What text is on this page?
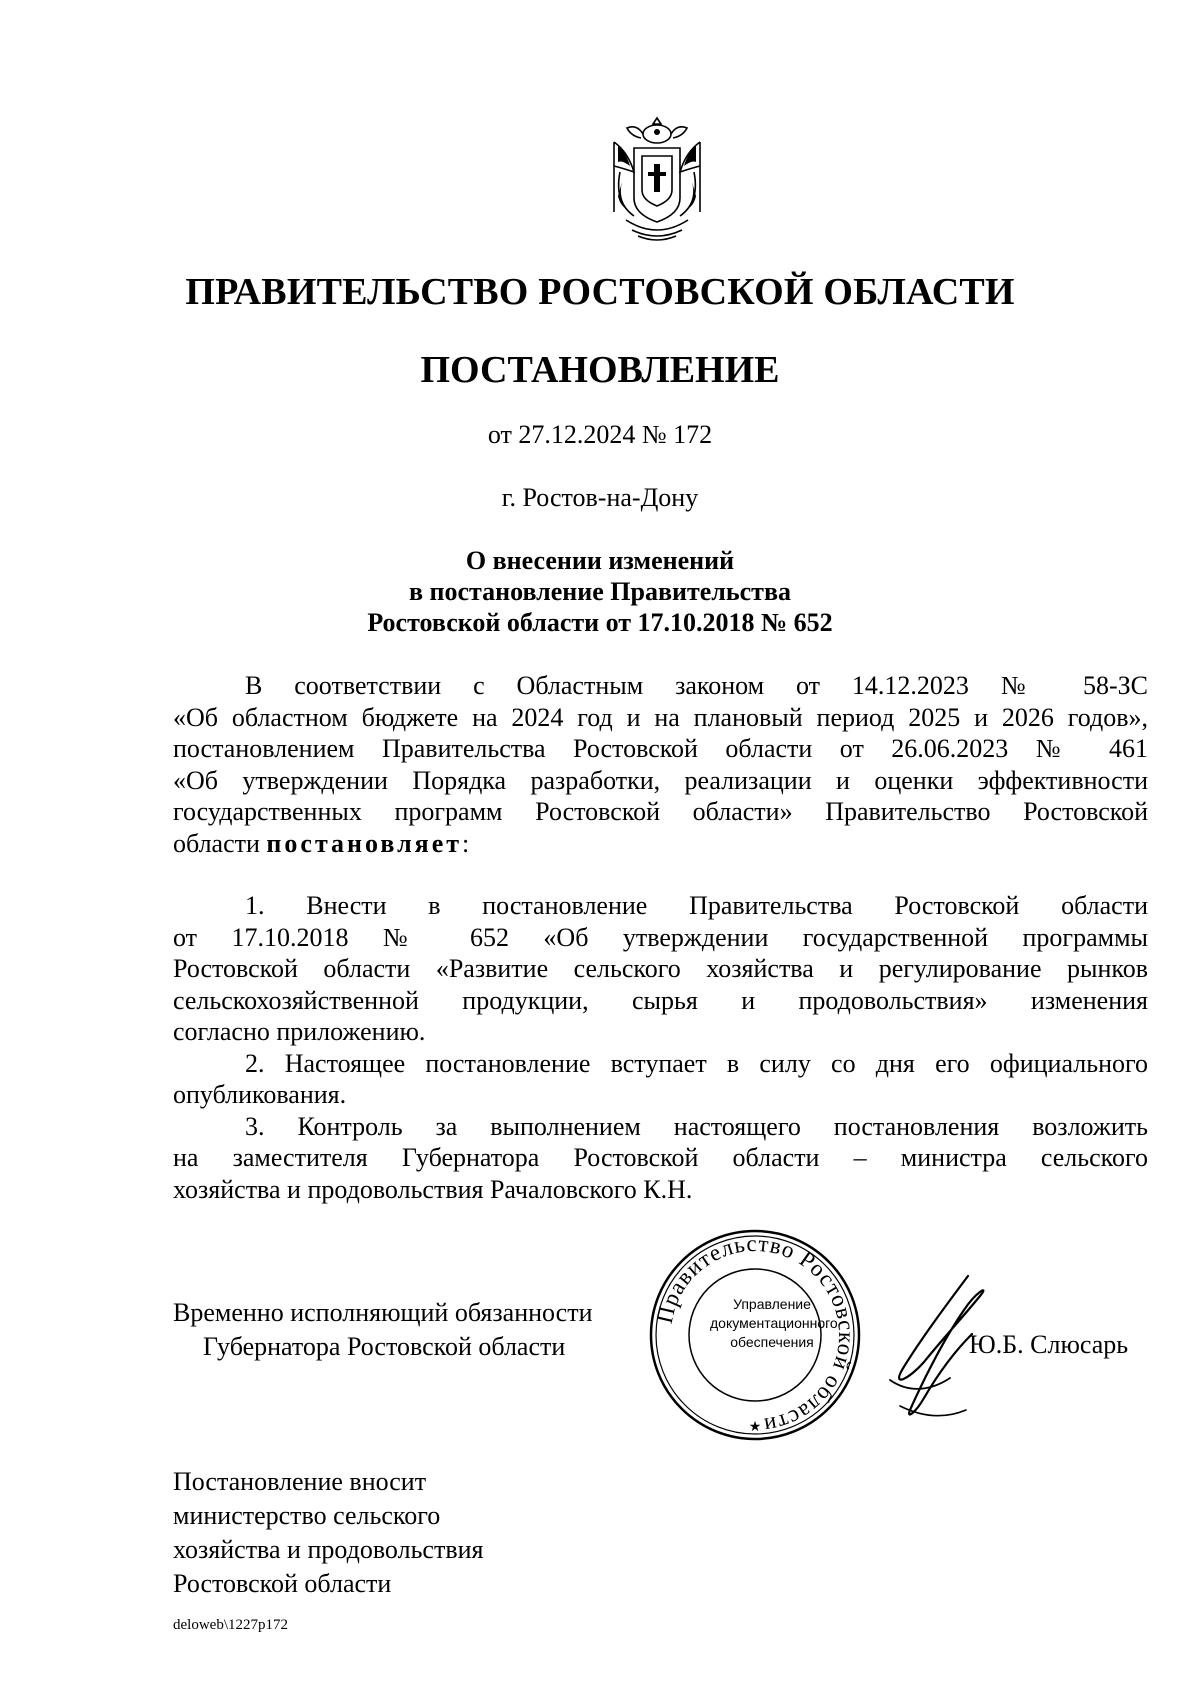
ПРАВИТЕЛЬСТВО РОСТОВСКОЙ ОБЛАСТИ
ПОСТАНОВЛЕНИЕ
от 27.12.2024 № 172
г. Ростов-на-Дону
О внесении изменений
в постановление Правительства
Ростовской области от 17.10.2018 № 652
В соответствии с Областным законом от 14.12.2023 № 58-ЗС
«Об областном бюджете на 2024 год и на плановый период 2025 и 2026 годов»,
постановлением Правительства Ростовской области от 26.06.2023 № 461
«Об утверждении Порядка разработки, реализации и оценки эффективности
государственных программ Ростовской области» Правительство Ростовской
области постановляет:
1. Внести в постановление Правительства Ростовской области
от 17.10.2018 № 652 «Об утверждении государственной программы
Ростовской области «Развитие сельского хозяйства и регулирование рынков
сельскохозяйственной продукции, сырья и продовольствия» изменения
согласно приложению.
2. Настоящее постановление вступает в силу со дня его официального
опубликования.
3. Контроль за выполнением настоящего постановления возложить
на заместителя Губернатора Ростовской области – министра сельского
хозяйства и продовольствия Рачаловского К.Н.
Временно исполняющий обязанности
Губернатора Ростовской области
Правительство Ростовской области
★
Управление
документационного
обеспечения	Ю.Б. Слюсарь
Постановление вносит
министерство сельского
хозяйства и продовольствия
Ростовской области
deloweb\1227p172
